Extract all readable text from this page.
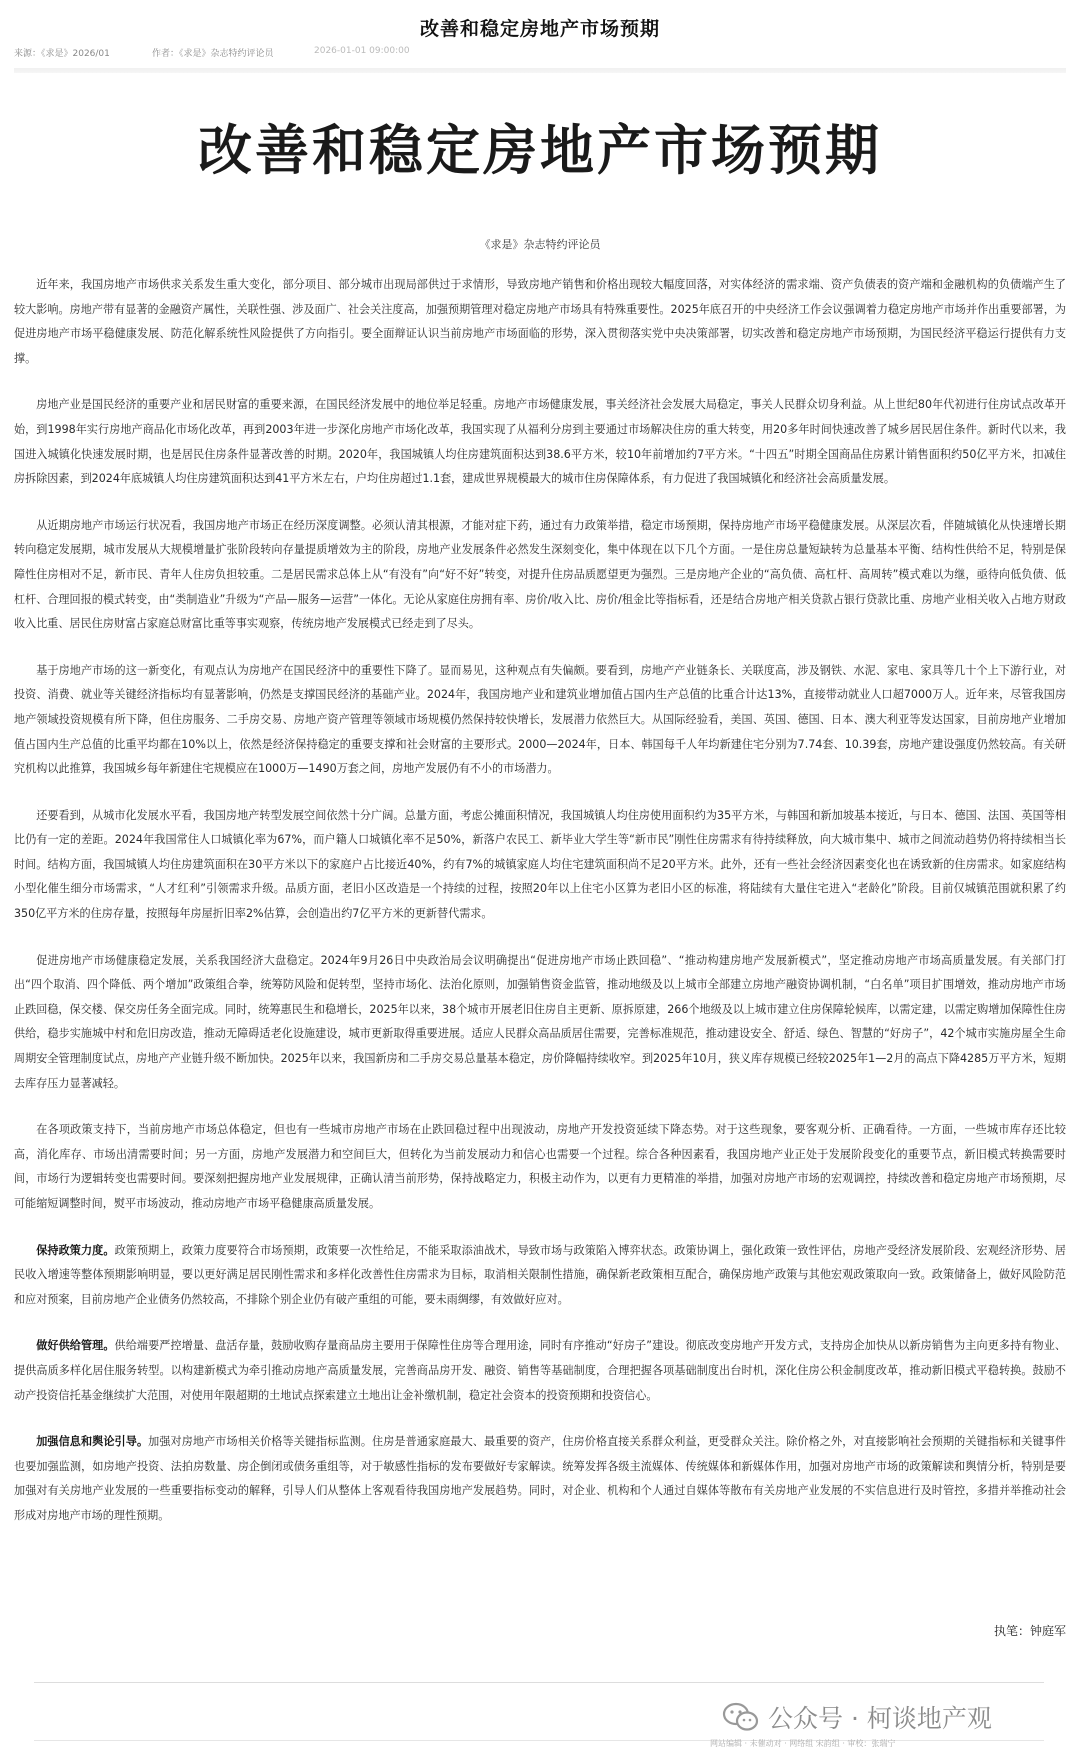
改善和稳定房地产市场预期
来源：《求是》2026/01	作者：《求是》杂志特约评论员	2026-01-01 09:00:00
改善和稳定房地产市场预期
《求是》杂志特约评论员

近年来，我国房地产市场供求关系发生重大变化，部分项目、部分城市出现局部供过于求情形，导致房地产销售和价格出现较大幅度回落，对实体经济的需求端、资产负债表的资产端和金融机构的负债端产生了较大影响。房地产带有显著的金融资产属性，关联性强、涉及面广、社会关注度高，加强预期管理对稳定房地产市场具有特殊重要性。2025年底召开的中央经济工作会议强调着力稳定房地产市场并作出重要部署，为促进房地产市场平稳健康发展、防范化解系统性风险提供了方向指引。要全面辩证认识当前房地产市场面临的形势，深入贯彻落实党中央决策部署，切实改善和稳定房地产市场预期，为国民经济平稳运行提供有力支撑。

房地产业是国民经济的重要产业和居民财富的重要来源，在国民经济发展中的地位举足轻重。房地产市场健康发展，事关经济社会发展大局稳定，事关人民群众切身利益。从上世纪80年代初进行住房试点改革开始，到1998年实行房地产商品化市场化改革，再到2003年进一步深化房地产市场化改革，我国实现了从福利分房到主要通过市场解决住房的重大转变，用20多年时间快速改善了城乡居民居住条件。新时代以来，我国进入城镇化快速发展时期，也是居民住房条件显著改善的时期。2020年，我国城镇人均住房建筑面积达到38.6平方米，较10年前增加约7平方米。“十四五”时期全国商品住房累计销售面积约50亿平方米，扣减住房拆除因素，到2024年底城镇人均住房建筑面积达到41平方米左右，户均住房超过1.1套，建成世界规模最大的城市住房保障体系，有力促进了我国城镇化和经济社会高质量发展。

从近期房地产市场运行状况看，我国房地产市场正在经历深度调整。必须认清其根源，才能对症下药，通过有力政策举措，稳定市场预期，保持房地产市场平稳健康发展。从深层次看，伴随城镇化从快速增长期转向稳定发展期，城市发展从大规模增量扩张阶段转向存量提质增效为主的阶段，房地产业发展条件必然发生深刻变化，集中体现在以下几个方面。一是住房总量短缺转为总量基本平衡、结构性供给不足，特别是保障性住房相对不足，新市民、青年人住房负担较重。二是居民需求总体上从“有没有”向“好不好”转变，对提升住房品质愿望更为强烈。三是房地产企业的“高负债、高杠杆、高周转”模式难以为继，亟待向低负债、低杠杆、合理回报的模式转变，由“类制造业”升级为“产品—服务—运营”一体化。无论从家庭住房拥有率、房价/收入比、房价/租金比等指标看，还是结合房地产相关贷款占银行贷款比重、房地产业相关收入占地方财政收入比重、居民住房财富占家庭总财富比重等事实观察，传统房地产发展模式已经走到了尽头。

基于房地产市场的这一新变化，有观点认为房地产在国民经济中的重要性下降了。显而易见，这种观点有失偏颇。要看到，房地产产业链条长、关联度高，涉及钢铁、水泥、家电、家具等几十个上下游行业，对投资、消费、就业等关键经济指标均有显著影响，仍然是支撑国民经济的基础产业。2024年，我国房地产业和建筑业增加值占国内生产总值的比重合计达13%，直接带动就业人口超7000万人。近年来，尽管我国房地产领域投资规模有所下降，但住房服务、二手房交易、房地产资产管理等领域市场规模仍然保持较快增长，发展潜力依然巨大。从国际经验看，美国、英国、德国、日本、澳大利亚等发达国家，目前房地产业增加值占国内生产总值的比重平均都在10%以上，依然是经济保持稳定的重要支撑和社会财富的主要形式。2000—2024年，日本、韩国每千人年均新建住宅分别为7.74套、10.39套，房地产建设强度仍然较高。有关研究机构以此推算，我国城乡每年新建住宅规模应在1000万—1490万套之间，房地产发展仍有不小的市场潜力。

还要看到，从城市化发展水平看，我国房地产转型发展空间依然十分广阔。总量方面，考虑公摊面积情况，我国城镇人均住房使用面积约为35平方米，与韩国和新加坡基本接近，与日本、德国、法国、英国等相比仍有一定的差距。2024年我国常住人口城镇化率为67%，而户籍人口城镇化率不足50%，新落户农民工、新毕业大学生等“新市民”刚性住房需求有待持续释放，向大城市集中、城市之间流动趋势仍将持续相当长时间。结构方面，我国城镇人均住房建筑面积在30平方米以下的家庭户占比接近40%，约有7%的城镇家庭人均住宅建筑面积尚不足20平方米。此外，还有一些社会经济因素变化也在诱致新的住房需求。如家庭结构小型化催生细分市场需求，“人才红利”引领需求升级。品质方面，老旧小区改造是一个持续的过程，按照20年以上住宅小区算为老旧小区的标准，将陆续有大量住宅进入“老龄化”阶段。目前仅城镇范围就积累了约350亿平方米的住房存量，按照每年房屋折旧率2%估算，会创造出约7亿平方米的更新替代需求。

促进房地产市场健康稳定发展，关系我国经济大盘稳定。2024年9月26日中央政治局会议明确提出“促进房地产市场止跌回稳”、“推动构建房地产发展新模式”，坚定推动房地产市场高质量发展。有关部门打出“四个取消、四个降低、两个增加”政策组合拳，统筹防风险和促转型，坚持市场化、法治化原则，加强销售资金监管，推动地级及以上城市全部建立房地产融资协调机制，“白名单”项目扩围增效，推动房地产市场止跌回稳，保交楼、保交房任务全面完成。同时，统筹惠民生和稳增长，2025年以来，38个城市开展老旧住房自主更新、原拆原建，266个地级及以上城市建立住房保障轮候库，以需定建，以需定购增加保障性住房供给，稳步实施城中村和危旧房改造，推动无障碍适老化设施建设，城市更新取得重要进展。适应人民群众高品质居住需要，完善标准规范，推动建设安全、舒适、绿色、智慧的“好房子”，42个城市实施房屋全生命周期安全管理制度试点，房地产产业链升级不断加快。2025年以来，我国新房和二手房交易总量基本稳定，房价降幅持续收窄。到2025年10月，狭义库存规模已经较2025年1—2月的高点下降4285万平方米，短期去库存压力显著减轻。

在各项政策支持下，当前房地产市场总体稳定，但也有一些城市房地产市场在止跌回稳过程中出现波动，房地产开发投资延续下降态势。对于这些现象，要客观分析、正确看待。一方面，一些城市库存还比较高，消化库存、市场出清需要时间；另一方面，房地产发展潜力和空间巨大，但转化为当前发展动力和信心也需要一个过程。综合各种因素看，我国房地产业正处于发展阶段变化的重要节点，新旧模式转换需要时间，市场行为逻辑转变也需要时间。要深刻把握房地产业发展规律，正确认清当前形势，保持战略定力，积极主动作为，以更有力更精准的举措，加强对房地产市场的宏观调控，持续改善和稳定房地产市场预期，尽可能缩短调整时间，熨平市场波动，推动房地产市场平稳健康高质量发展。

保持政策力度。政策预期上，政策力度要符合市场预期，政策要一次性给足，不能采取添油战术，导致市场与政策陷入博弈状态。政策协调上，强化政策一致性评估，房地产受经济发展阶段、宏观经济形势、居民收入增速等整体预期影响明显，要以更好满足居民刚性需求和多样化改善性住房需求为目标，取消相关限制性措施，确保新老政策相互配合，确保房地产政策与其他宏观政策取向一致。政策储备上，做好风险防范和应对预案，目前房地产企业债务仍然较高，不排除个别企业仍有破产重组的可能，要未雨绸缪，有效做好应对。

做好供给管理。供给端要严控增量、盘活存量，鼓励收购存量商品房主要用于保障性住房等合理用途，同时有序推动“好房子”建设。彻底改变房地产开发方式，支持房企加快从以新房销售为主向更多持有物业、提供高质多样化居住服务转型。以构建新模式为牵引推动房地产高质量发展，完善商品房开发、融资、销售等基础制度，合理把握各项基础制度出台时机，深化住房公积金制度改革，推动新旧模式平稳转换。鼓励不动产投资信托基金继续扩大范围，对使用年限超期的土地试点探索建立土地出让金补缴机制，稳定社会资本的投资预期和投资信心。

加强信息和舆论引导。加强对房地产市场相关价格等关键指标监测。住房是普通家庭最大、最重要的资产，住房价格直接关系群众利益，更受群众关注。除价格之外，对直接影响社会预期的关键指标和关键事件也要加强监测，如房地产投资、法拍房数量、房企倒闭或债务重组等，对于敏感性指标的发布要做好专家解读。统筹发挥各级主流媒体、传统媒体和新媒体作用，加强对房地产市场的政策解读和舆情分析，特别是要加强对有关房地产业发展的一些重要指标变动的解释，引导人们从整体上客观看待我国房地产发展趋势。同时，对企业、机构和个人通过自媒体等散布有关房地产业发展的不实信息进行及时管控，多措并举推动社会形成对房地产市场的理性预期。

执笔：钟庭军
公众号 · 柯谈地产观
网站编辑 · 未催动对 · 网络组 宋韵组 · 审校：张瑞宁
